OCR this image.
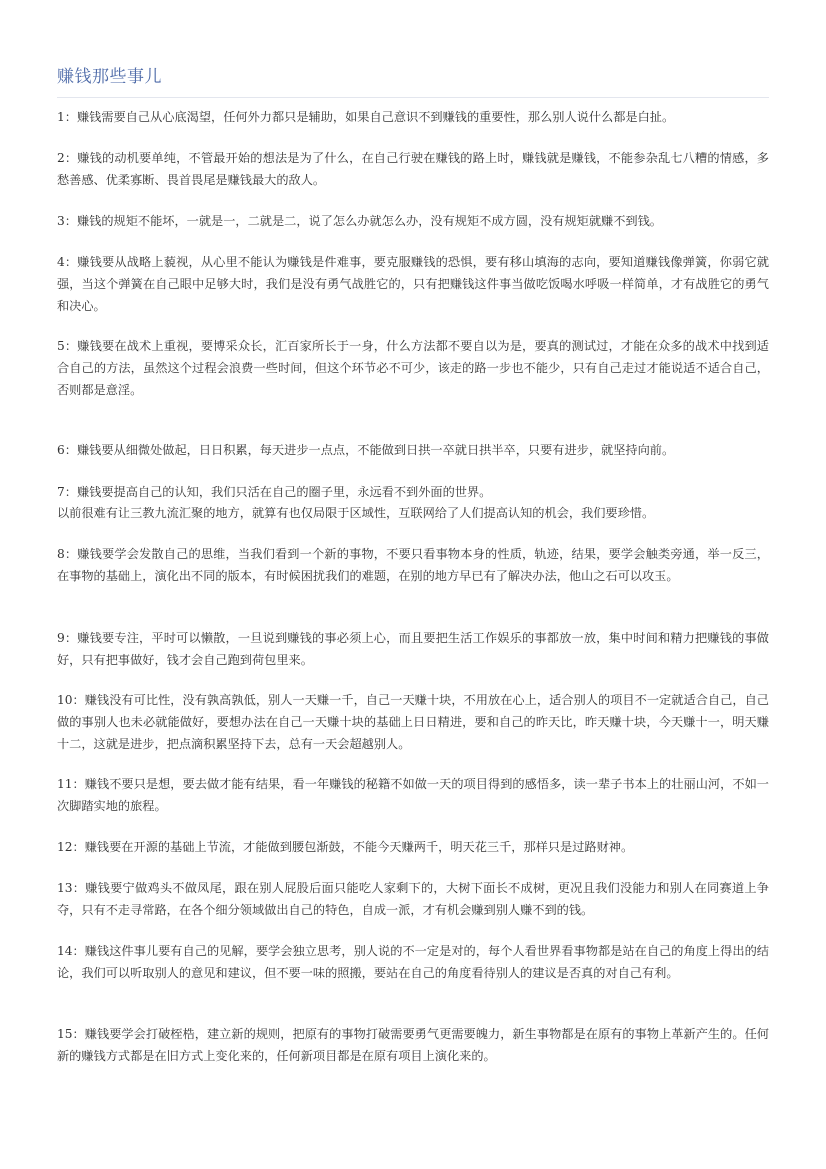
赚钱那些事儿

1：赚钱需要自己从心底渴望，任何外力都只是辅助，如果自己意识不到赚钱的重要性，那么别人说什么都是白扯。

2：赚钱的动机要单纯，不管最开始的想法是为了什么，在自己行驶在赚钱的路上时，赚钱就是赚钱，不能参杂乱七八糟的情感，多愁善感、优柔寡断、畏首畏尾是赚钱最大的敌人。

3：赚钱的规矩不能坏，一就是一，二就是二，说了怎么办就怎么办，没有规矩不成方圆，没有规矩就赚不到钱。

4：赚钱要从战略上藐视，从心里不能认为赚钱是件难事，要克服赚钱的恐惧，要有移山填海的志向，要知道赚钱像弹簧，你弱它就强，当这个弹簧在自己眼中足够大时，我们是没有勇气战胜它的，只有把赚钱这件事当做吃饭喝水呼吸一样简单，才有战胜它的勇气和决心。

5：赚钱要在战术上重视，要博采众长，汇百家所长于一身，什么方法都不要自以为是，要真的测试过，才能在众多的战术中找到适合自己的方法，虽然这个过程会浪费一些时间，但这个环节必不可少，该走的路一步也不能少，只有自己走过才能说适不适合自己，否则都是意淫。

6：赚钱要从细微处做起，日日积累，每天进步一点点，不能做到日拱一卒就日拱半卒，只要有进步，就坚持向前。

7：赚钱要提高自己的认知，我们只活在自己的圈子里，永远看不到外面的世界。

以前很难有让三教九流汇聚的地方，就算有也仅局限于区域性，互联网给了人们提高认知的机会，我们要珍惜。

8：赚钱要学会发散自己的思维，当我们看到一个新的事物，不要只看事物本身的性质，轨迹，结果，要学会触类旁通，举一反三，在事物的基础上，演化出不同的版本，有时候困扰我们的难题，在别的地方早已有了解决办法，他山之石可以攻玉。

9：赚钱要专注，平时可以懒散，一旦说到赚钱的事必须上心，而且要把生活工作娱乐的事都放一放，集中时间和精力把赚钱的事做好，只有把事做好，钱才会自己跑到荷包里来。

10：赚钱没有可比性，没有孰高孰低，别人一天赚一千，自己一天赚十块，不用放在心上，适合别人的项目不一定就适合自己，自己做的事别人也未必就能做好，要想办法在自己一天赚十块的基础上日日精进，要和自己的昨天比，昨天赚十块，今天赚十一，明天赚十二，这就是进步，把点滴积累坚持下去，总有一天会超越别人。

11：赚钱不要只是想，要去做才能有结果，看一年赚钱的秘籍不如做一天的项目得到的感悟多，读一辈子书本上的壮丽山河，不如一次脚踏实地的旅程。

12：赚钱要在开源的基础上节流，才能做到腰包渐鼓，不能今天赚两千，明天花三千，那样只是过路财神。

13：赚钱要宁做鸡头不做凤尾，跟在别人屁股后面只能吃人家剩下的，大树下面长不成树，更况且我们没能力和别人在同赛道上争夺，只有不走寻常路，在各个细分领域做出自己的特色，自成一派，才有机会赚到别人赚不到的钱。

14：赚钱这件事儿要有自己的见解，要学会独立思考，别人说的不一定是对的，每个人看世界看事物都是站在自己的角度上得出的结论，我们可以听取别人的意见和建议，但不要一味的照搬，要站在自己的角度看待别人的建议是否真的对自己有利。

15：赚钱要学会打破桎梏，建立新的规则，把原有的事物打破需要勇气更需要魄力，新生事物都是在原有的事物上革新产生的。任何新的赚钱方式都是在旧方式上变化来的，任何新项目都是在原有项目上演化来的。
